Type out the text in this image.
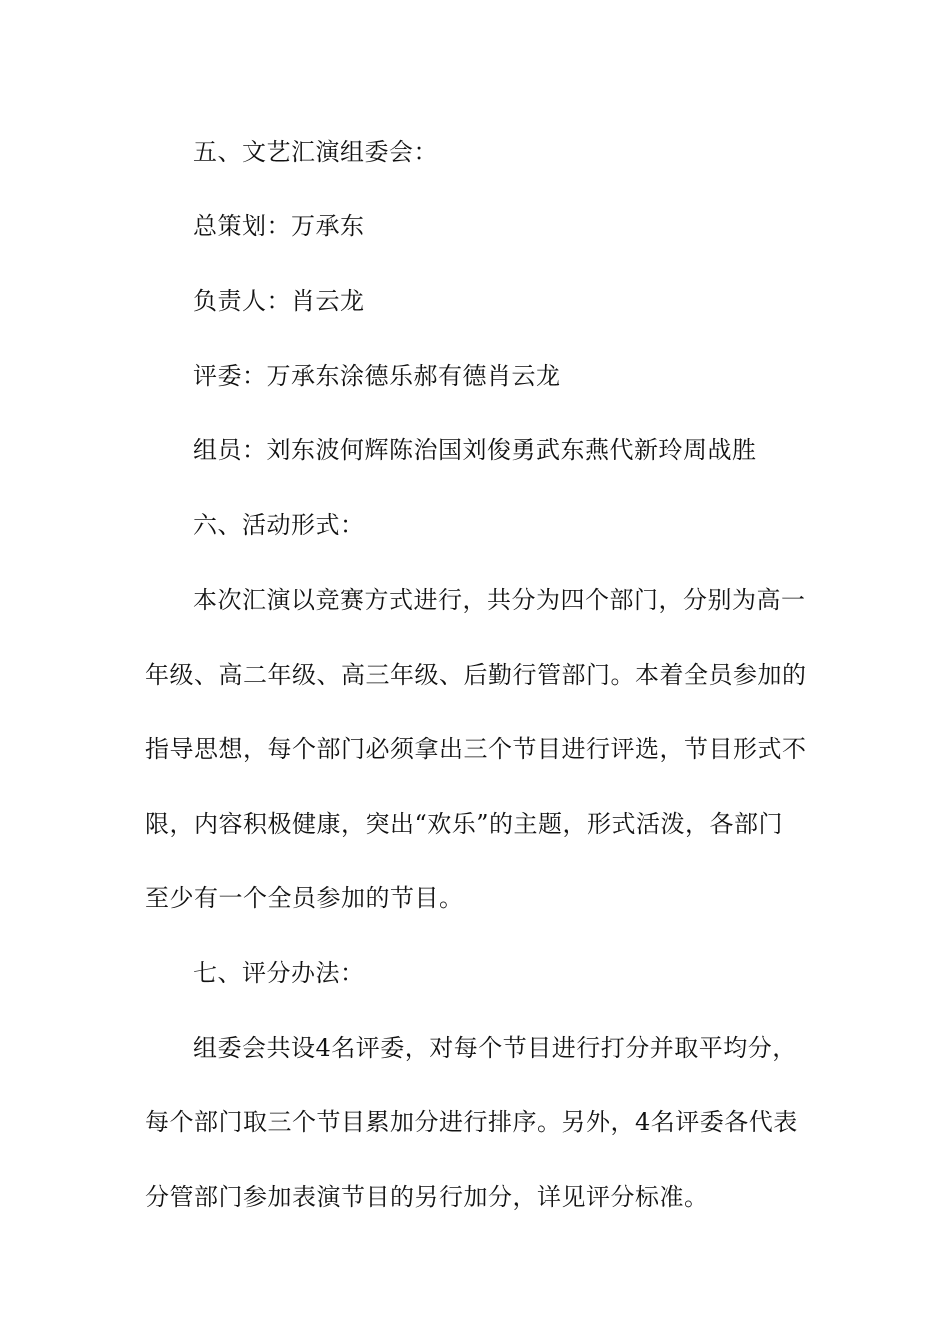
五、文艺汇演组委会：
总策划：万承东
负责人：肖云龙
评委：万承东涂德乐郝有德肖云龙
组员：刘东波何辉陈治国刘俊勇武东燕代新玲周战胜
六、活动形式：
本次汇演以竞赛方式进行，共分为四个部门，分别为高一
年级、高二年级、高三年级、后勤行管部门。本着全员参加的
指导思想，每个部门必须拿出三个节目进行评选，节目形式不
限，内容积极健康，突出“欢乐”的主题，形式活泼，各部门
至少有一个全员参加的节目。
七、评分办法：
组委会共设4名评委，对每个节目进行打分并取平均分，
每个部门取三个节目累加分进行排序。另外，4名评委各代表
分管部门参加表演节目的另行加分，详见评分标准。
